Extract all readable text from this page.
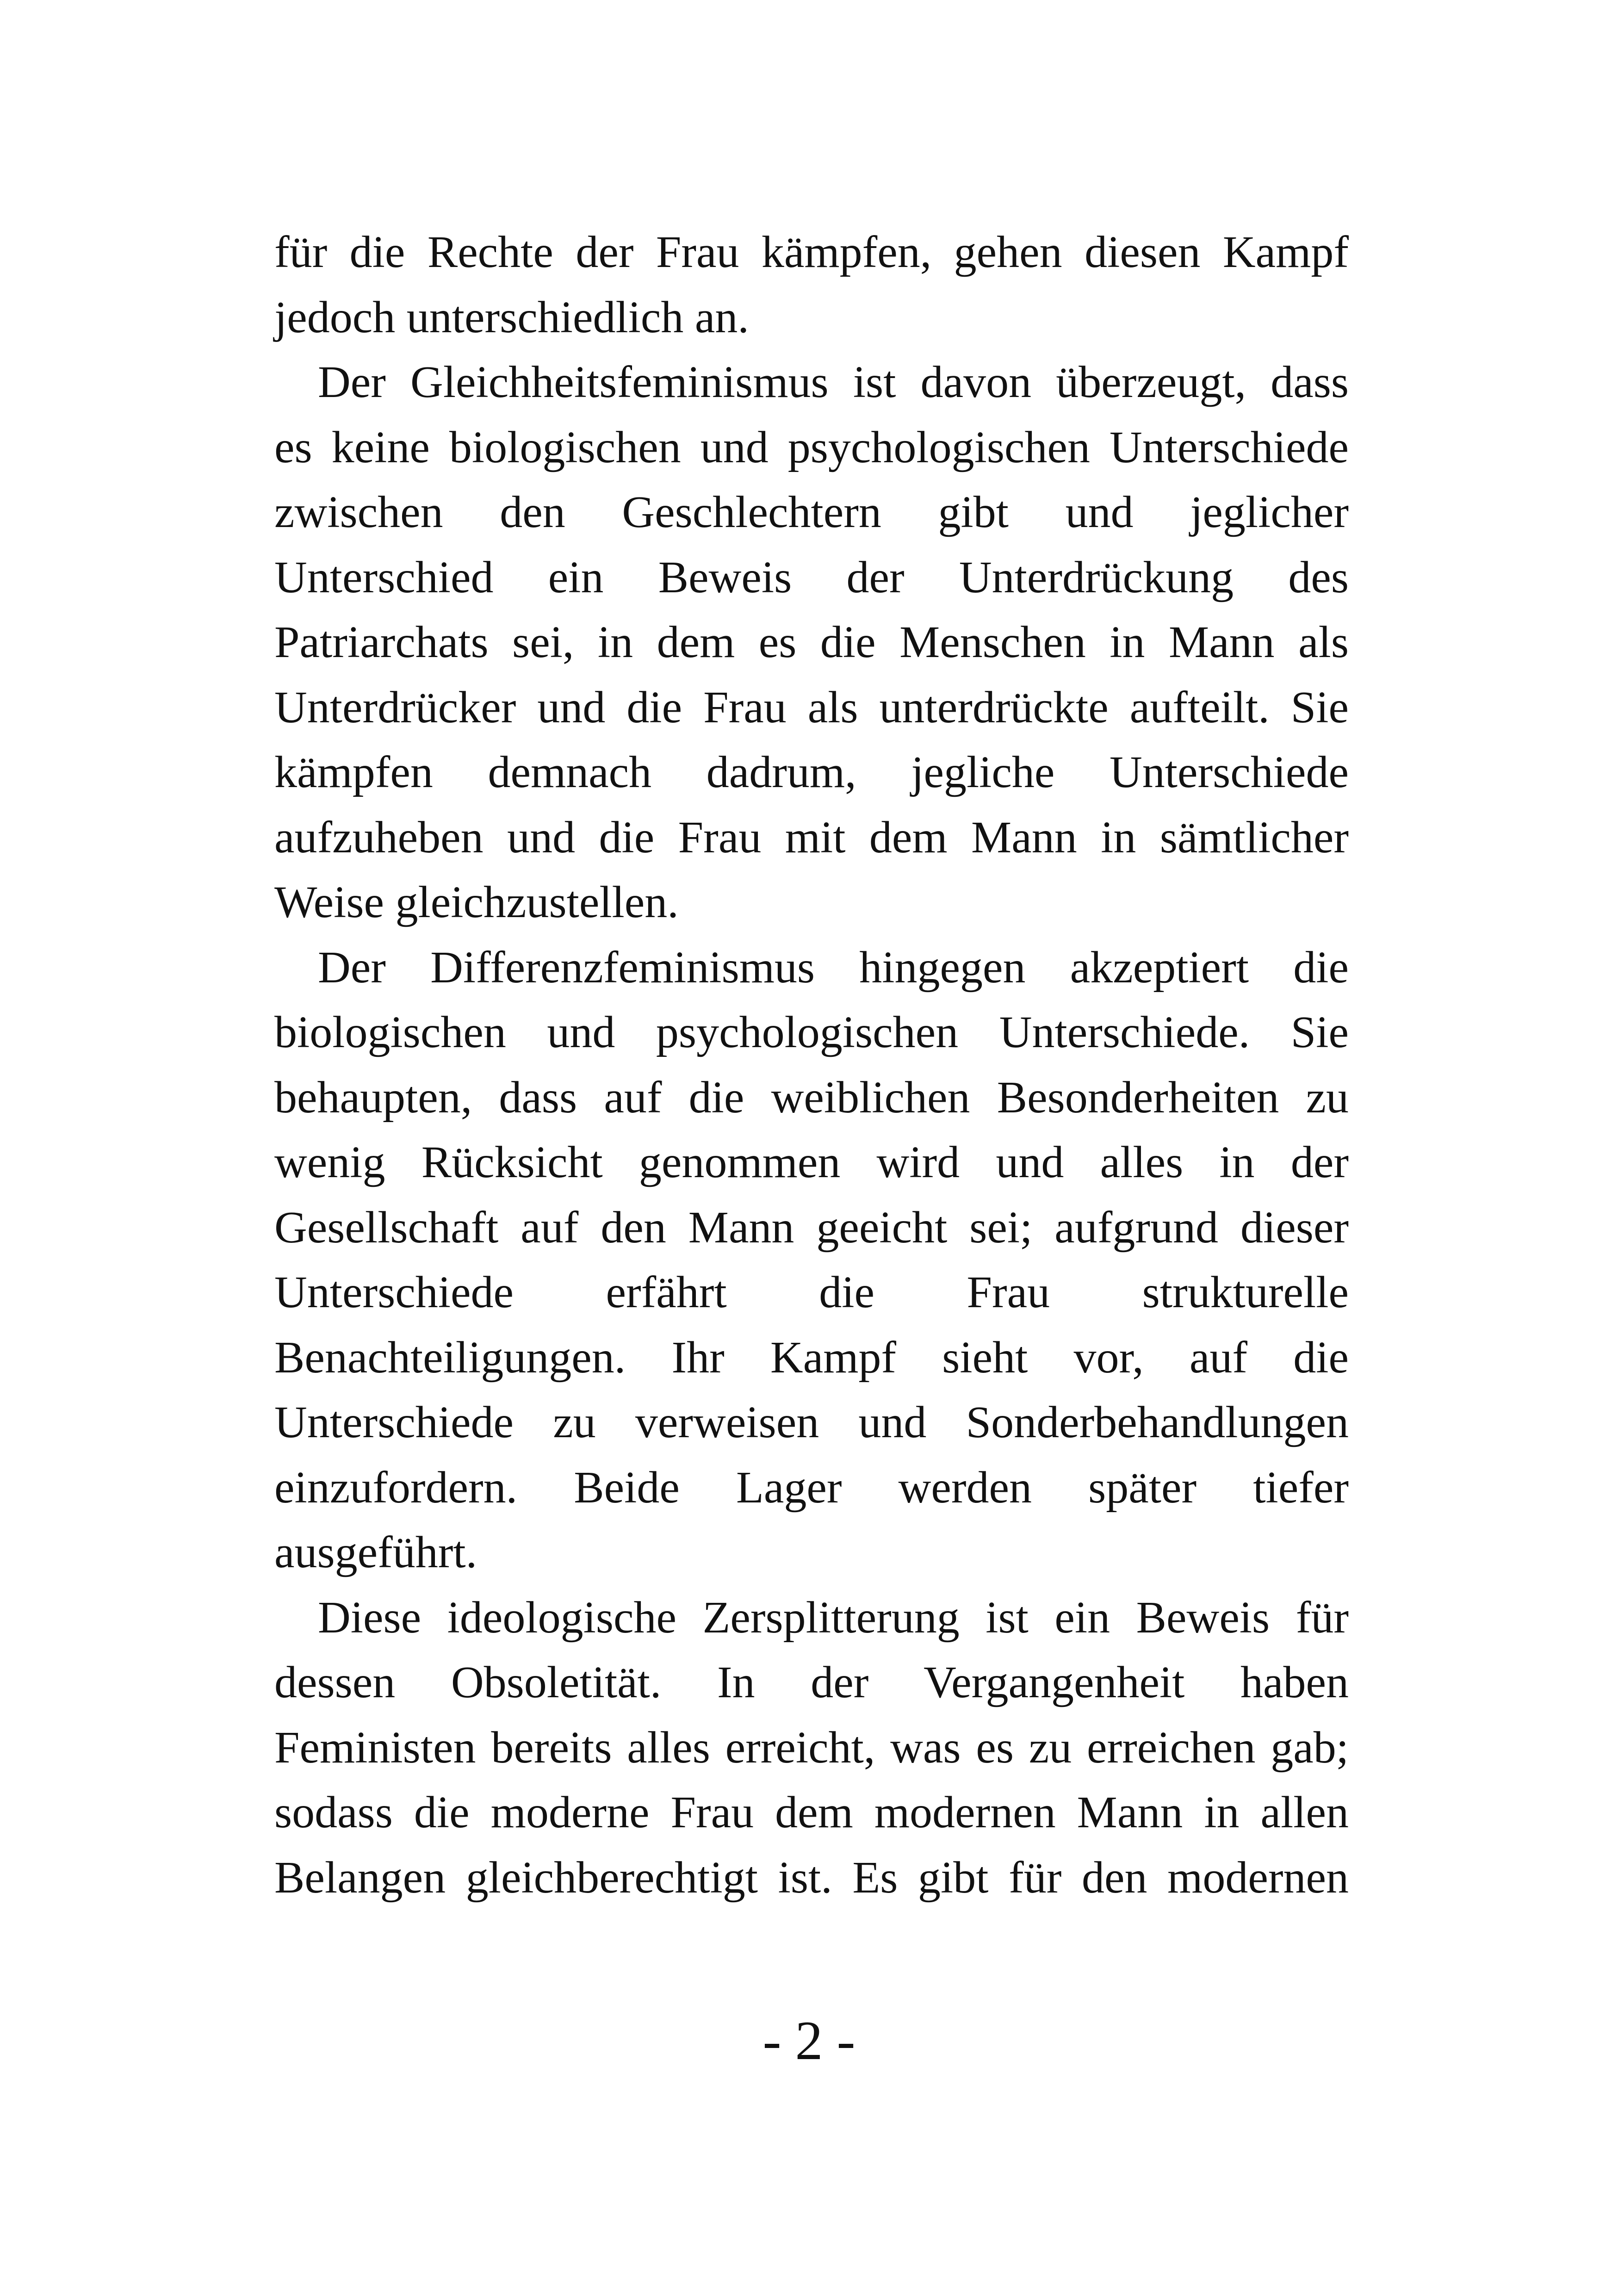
für die Rechte der Frau kämpfen, gehen diesen Kampf
jedoch unterschiedlich an.

Der Gleichheitsfeminismus ist davon überzeugt, dass
es keine biologischen und psychologischen Unterschiede
zwischen den Geschlechtern gibt und jeglicher
Unterschied ein Beweis der Unterdrückung des
Patriarchats sei, in dem es die Menschen in Mann als
Unterdrücker und die Frau als unterdrückte aufteilt. Sie
kämpfen demnach dadrum, jegliche Unterschiede
aufzuheben und die Frau mit dem Mann in sämtlicher
Weise gleichzustellen.

Der Differenzfeminismus hingegen akzeptiert die
biologischen und psychologischen Unterschiede. Sie
behaupten, dass auf die weiblichen Besonderheiten zu
wenig Rücksicht genommen wird und alles in der
Gesellschaft auf den Mann geeicht sei; aufgrund dieser
Unterschiede erfährt die Frau strukturelle
Benachteiligungen. Ihr Kampf sieht vor, auf die
Unterschiede zu verweisen und Sonderbehandlungen
einzufordern. Beide Lager werden später tiefer
ausgeführt.

Diese ideologische Zersplitterung ist ein Beweis für
dessen Obsoletität. In der Vergangenheit haben
Feministen bereits alles erreicht, was es zu erreichen gab;
sodass die moderne Frau dem modernen Mann in allen
Belangen gleichberechtigt ist. Es gibt für den modernen

- 2 -
